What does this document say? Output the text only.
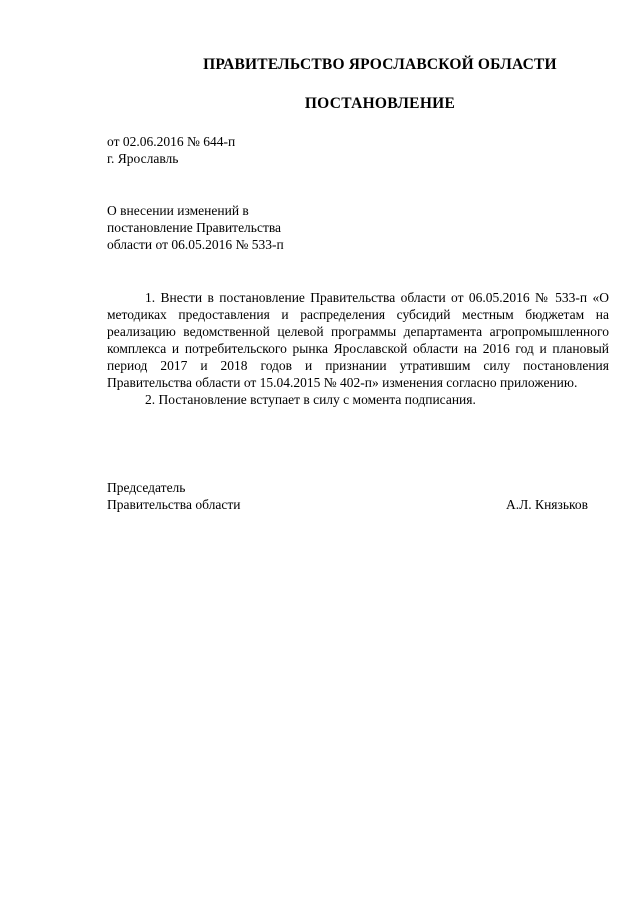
ПРАВИТЕЛЬСТВО ЯРОСЛАВСКОЙ ОБЛАСТИ
ПОСТАНОВЛЕНИЕ
от 02.06.2016 № 644-п
г. Ярославль
О внесении изменений в
постановление Правительства
области от 06.05.2016 № 533-п

1. Внести в постановление Правительства области от 06.05.2016 № 533-п «О методиках предоставления и распределения субсидий местным бюджетам на реализацию ведомственной целевой программы департамента агропромышленного комплекса и потребительского рынка Ярославской области на 2016 год и плановый период 2017 и 2018 годов и признании утратившим силу постановления Правительства области от 15.04.2015 № 402-п» изменения согласно приложению.

2. Постановление вступает в силу с момента подписания.

Председатель
Правительства области	А.Л. Князьков
